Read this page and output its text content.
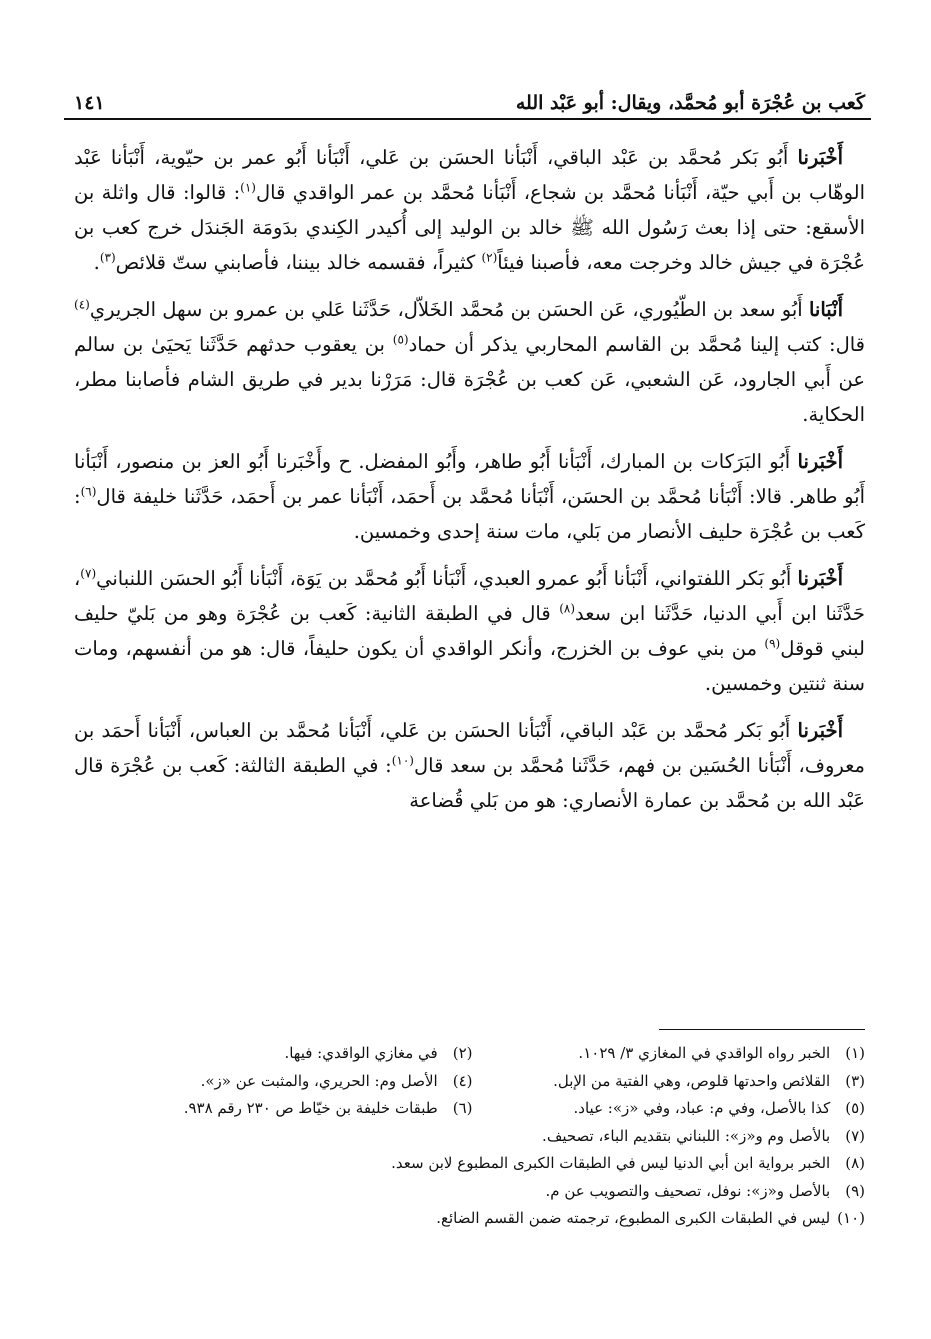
كَعب بن عُجْرَة أبو مُحمَّد، ويقال: أبو عَبْد الله
١٤١

أَخْبَرنا أَبُو بَكر مُحمَّد بن عَبْد الباقي، أَنْبَأنا الحسَن بن عَلي، أَنْبَأنا أَبُو عمر بن حيّوية، أَنْبَأنا عَبْد الوهّاب بن أَبي حيّة، أَنْبَأنا مُحمَّد بن شجاع، أَنْبَأنا مُحمَّد بن عمر الواقدي قال$^{(١)}$: قالوا: قال واثلة بن الأسقع: حتى إذا بعث رَسُول الله ﷺ خالد بن الوليد إلى أُكيدر الكِندي بدَومَة الجَندَل خرج كعب بن عُجْرَة في جيش خالد وخرجت معه، فأصبنا فيئاً$^{(٢)}$ كثيراً، فقسمه خالد بيننا، فأصابني ستّ قلائص$^{(٣)}$.

أَنْبَانا أَبُو سعد بن الطّيُوري، عَن الحسَن بن مُحمَّد الخَلاّل، حَدَّثَنا عَلي بن عمرو بن سهل الجريري$^{(٤)}$ قال: كتب إلينا مُحمَّد بن القاسم المحاربي يذكر أن حماد$^{(٥)}$ بن يعقوب حدثهم حَدَّثَنا يَحيَىٰ بن سالم عن أَبي الجارود، عَن الشعبي، عَن كعب بن عُجْرَة قال: مَرَرْنا بدير في طريق الشام فأصابنا مطر، الحكاية.

أَخْبَرنا أَبُو البَرَكات بن المبارك، أَنْبَأنا أَبُو طاهر، وأَبُو المفضل. ح وأَخْبَرنا أَبُو العز بن منصور، أَنْبَأنا أَبُو طاهر. قالا: أَنْبَأنا مُحمَّد بن الحسَن، أَنْبَأنا مُحمَّد بن أَحمَد، أَنْبَأنا عمر بن أَحمَد، حَدَّثَنا خليفة قال$^{(٦)}$: كَعب بن عُجْرَة حليف الأنصار من بَلي، مات سنة إحدى وخمسين.

أَخْبَرنا أَبُو بَكر اللفتواني، أَنْبَأنا أَبُو عمرو العبدي، أَنْبَأنا أَبُو مُحمَّد بن يَوَة، أَنْبَأنا أَبُو الحسَن اللنباني$^{(٧)}$، حَدَّثَنا ابن أَبي الدنيا، حَدَّثَنا ابن سعد$^{(٨)}$ قال في الطبقة الثانية: كَعب بن عُجْرَة وهو من بَليّ حليف لبني قوقل$^{(٩)}$ من بني عوف بن الخزرج، وأنكر الواقدي أن يكون حليفاً، قال: هو من أنفسهم، ومات سنة ثنتين وخمسين.

أَخْبَرنا أَبُو بَكر مُحمَّد بن عَبْد الباقي، أَنْبَأنا الحسَن بن عَلي، أَنْبَأنا مُحمَّد بن العباس، أَنْبَأنا أَحمَد بن معروف، أَنْبَأنا الحُسَين بن فهم، حَدَّثَنا مُحمَّد بن سعد قال$^{(١٠)}$: في الطبقة الثالثة: كَعب بن عُجْرَة قال عَبْد الله بن مُحمَّد بن عمارة الأنصاري: هو من بَلي قُضاعة

(١) الخبر رواه الواقدي في المغازي ٣/ ١٠٢٩.
(٢) في مغازي الواقدي: فيها.
(٣) القلائص واحدتها قلوص، وهي الفتية من الإبل.
(٤) الأصل وم: الحريري، والمثبت عن «ز».
(٥) كذا بالأصل، وفي م: عباد، وفي «ز»: عياد.
(٦) طبقات خليفة بن خيّاط ص ٢٣٠ رقم ٩٣٨.
(٧) بالأصل وم و«ز»: اللبناني بتقديم الباء، تصحيف.
(٨) الخبر برواية ابن أبي الدنيا ليس في الطبقات الكبرى المطبوع لابن سعد.
(٩) بالأصل و«ز»: نوفل، تصحيف والتصويب عن م.
(١٠) ليس في الطبقات الكبرى المطبوع، ترجمته ضمن القسم الضائع.
